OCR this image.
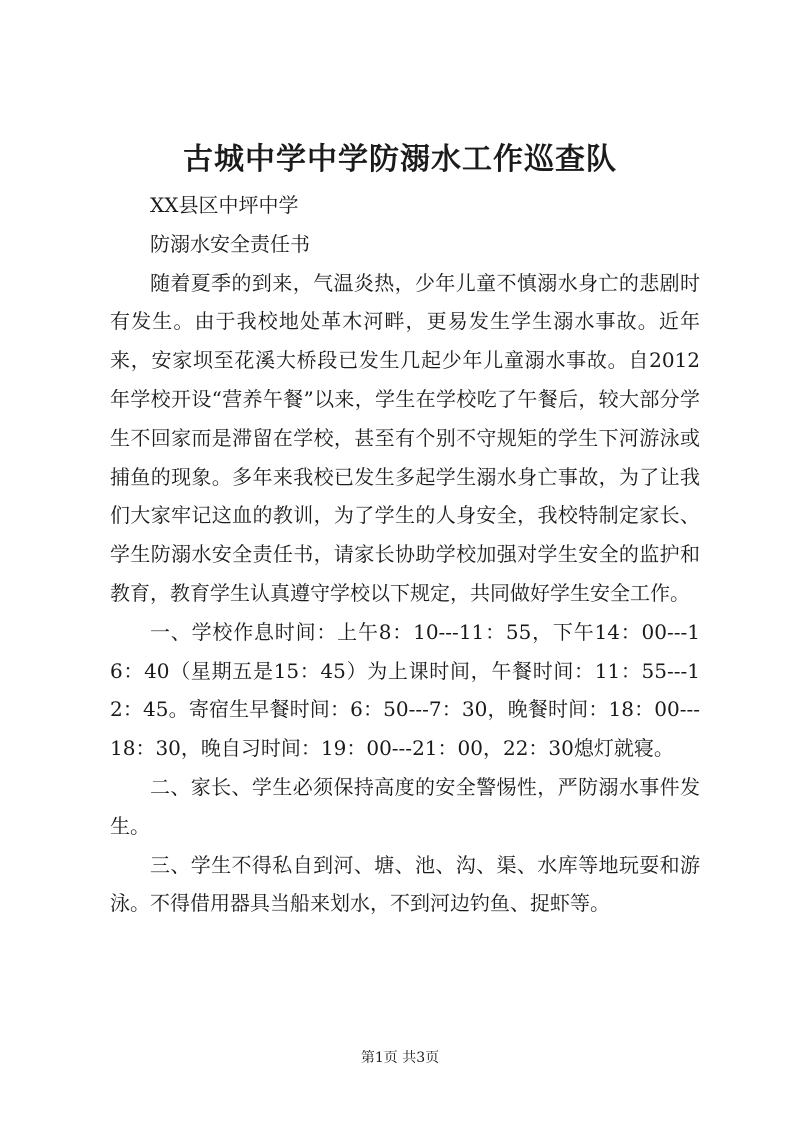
古城中学中学防溺水工作巡查队

XX县区中坪中学

防溺水安全责任书

随着夏季的到来，气温炎热，少年儿童不慎溺水身亡的悲剧时有发生。由于我校地处革木河畔，更易发生学生溺水事故。近年来，安家坝至花溪大桥段已发生几起少年儿童溺水事故。自2012年学校开设“营养午餐”以来，学生在学校吃了午餐后，较大部分学生不回家而是滞留在学校，甚至有个别不守规矩的学生下河游泳或捕鱼的现象。多年来我校已发生多起学生溺水身亡事故，为了让我们大家牢记这血的教训，为了学生的人身安全，我校特制定家长、学生防溺水安全责任书，请家长协助学校加强对学生安全的监护和教育，教育学生认真遵守学校以下规定，共同做好学生安全工作。

一、学校作息时间：上午8：10---11：55，下午14：00---16：40（星期五是15：45）为上课时间，午餐时间：11：55---12：45。寄宿生早餐时间：6：50---7：30，晚餐时间：18：00---18：30，晚自习时间：19：00---21：00，22：30熄灯就寝。

二、家长、学生必须保持高度的安全警惕性，严防溺水事件发生。

三、学生不得私自到河、塘、池、沟、渠、水库等地玩耍和游泳。不得借用器具当船来划水，不到河边钓鱼、捉虾等。

第1页 共3页
